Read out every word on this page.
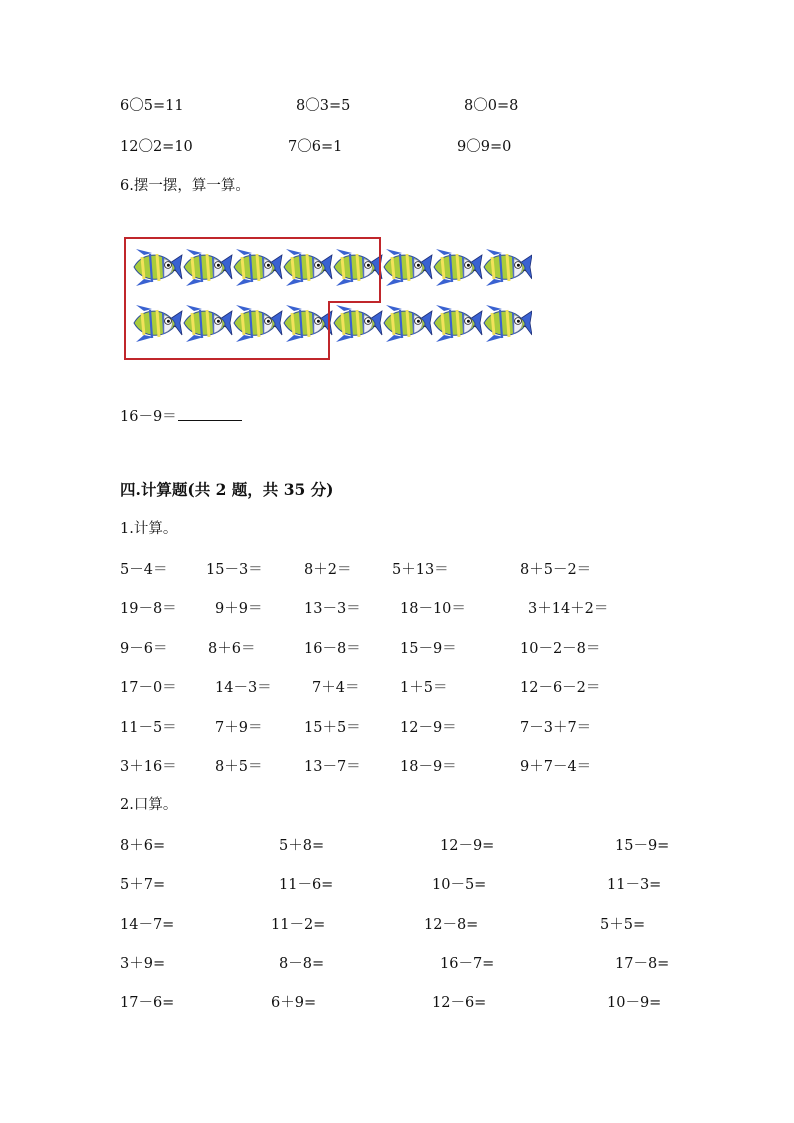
6〇5=11	8〇3=5	8〇0=8
12〇2=10	7〇6=1	9〇9=0
6.摆一摆，算一算。
16－9＝
四.计算题(共 2 题，共 35 分)
1.计算。
5－4＝	15－3＝	8＋2＝	5＋13＝	8＋5－2＝
19－8＝	9＋9＝	13－3＝	18－10＝	3＋14＋2＝
9－6＝	8＋6＝	16－8＝	15－9＝	10－2－8＝
17－0＝	14－3＝	7＋4＝	1＋5＝	12－6－2＝
11－5＝	7＋9＝	15＋5＝	12－9＝	7－3＋7＝
3＋16＝	8＋5＝	13－7＝	18－9＝	9＋7－4＝
2.口算。
8＋6=	5＋8=	12－9=	15－9=
5＋7=	11－6=	10－5=	11－3=
14－7=	11－2=	12－8=	5＋5=
3＋9=	8－8=	16－7=	17－8=
17－6=	6＋9=	12－6=	10－9=
